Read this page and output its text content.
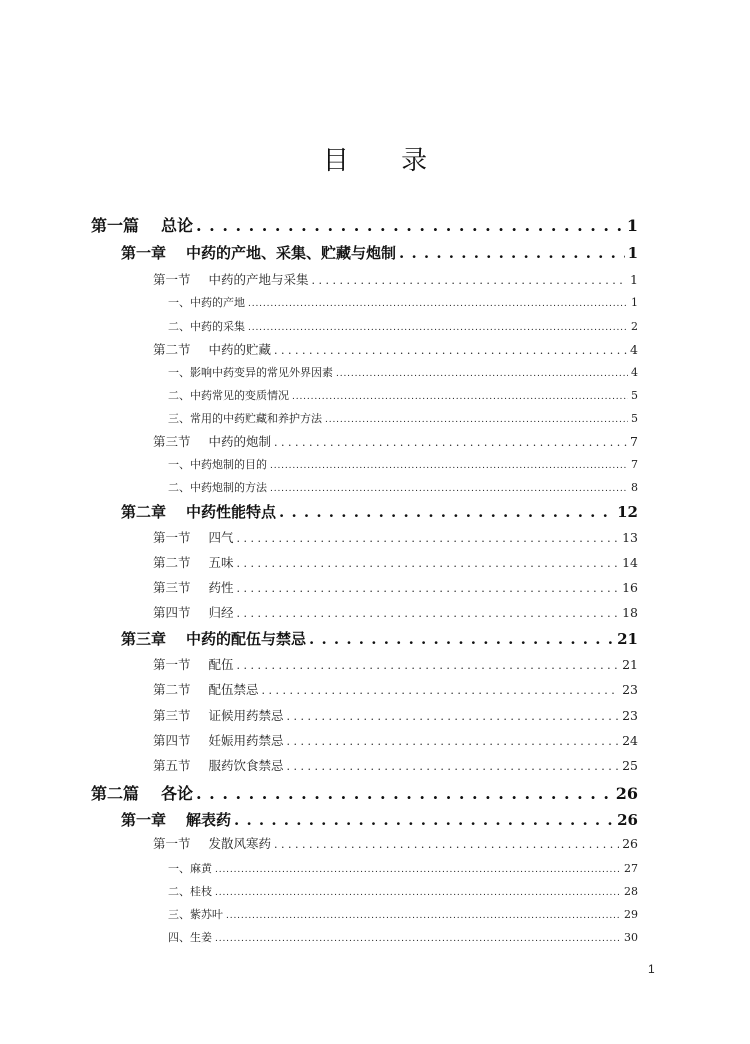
目 录
第一篇 总论 . . .	1
第一章 中药的产地、采集、贮藏与炮制 . . .	1
第一节 中药的产地与采集 . . .	1
一、中药的产地 . . .	1
二、中药的采集 . . .	2
第二节 中药的贮藏 . . .	4
一、影响中药变异的常见外界因素 . . .	4
二、中药常见的变质情况 . . .	5
三、常用的中药贮藏和养护方法 . . .	5
第三节 中药的炮制 . . .	7
一、中药炮制的目的 . . .	7
二、中药炮制的方法 . . .	8
第二章 中药性能特点 . . .	12
第一节 四气 . . .	13
第二节 五味 . . .	14
第三节 药性 . . .	16
第四节 归经 . . .	18
第三章 中药的配伍与禁忌 . . .	21
第一节 配伍 . . .	21
第二节 配伍禁忌 . . .	23
第三节 证候用药禁忌 . . .	23
第四节 妊娠用药禁忌 . . .	24
第五节 服药饮食禁忌 . . .	25
第二篇 各论 . . .	26
第一章 解表药 . . .	26
第一节 发散风寒药 . . .	26
一、麻黄 . . .	27
二、桂枝 . . .	28
三、紫苏叶 . . .	29
四、生姜 . . .	30
1
